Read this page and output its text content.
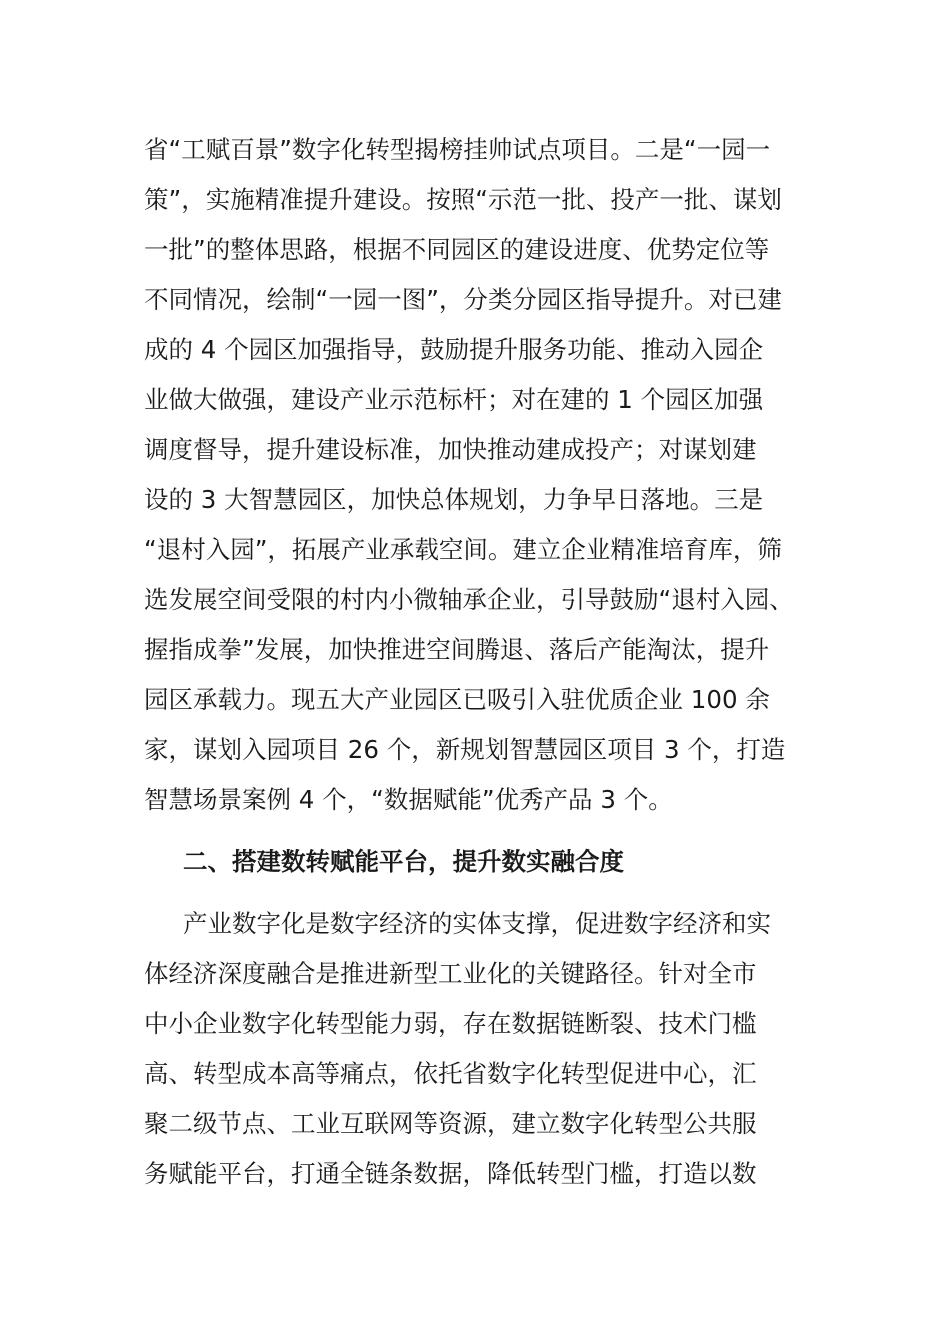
省“工赋百景”数字化转型揭榜挂帅试点项目。二是“一园一
策”，实施精准提升建设。按照“示范一批、投产一批、谋划
一批”的整体思路，根据不同园区的建设进度、优势定位等
不同情况，绘制“一园一图”，分类分园区指导提升。对已建
成的 4 个园区加强指导，鼓励提升服务功能、推动入园企
业做大做强，建设产业示范标杆；对在建的 1 个园区加强
调度督导，提升建设标准，加快推动建成投产；对谋划建
设的 3 大智慧园区，加快总体规划，力争早日落地。三是
“退村入园”，拓展产业承载空间。建立企业精准培育库，筛
选发展空间受限的村内小微轴承企业，引导鼓励“退村入园、
握指成拳”发展，加快推进空间腾退、落后产能淘汰，提升
园区承载力。现五大产业园区已吸引入驻优质企业 100 余
家，谋划入园项目 26 个，新规划智慧园区项目 3 个，打造
智慧场景案例 4 个，“数据赋能”优秀产品 3 个。
二、搭建数转赋能平台，提升数实融合度
产业数字化是数字经济的实体支撑，促进数字经济和实
体经济深度融合是推进新型工业化的关键路径。针对全市
中小企业数字化转型能力弱，存在数据链断裂、技术门槛
高、转型成本高等痛点，依托省数字化转型促进中心，汇
聚二级节点、工业互联网等资源，建立数字化转型公共服
务赋能平台，打通全链条数据，降低转型门槛，打造以数
